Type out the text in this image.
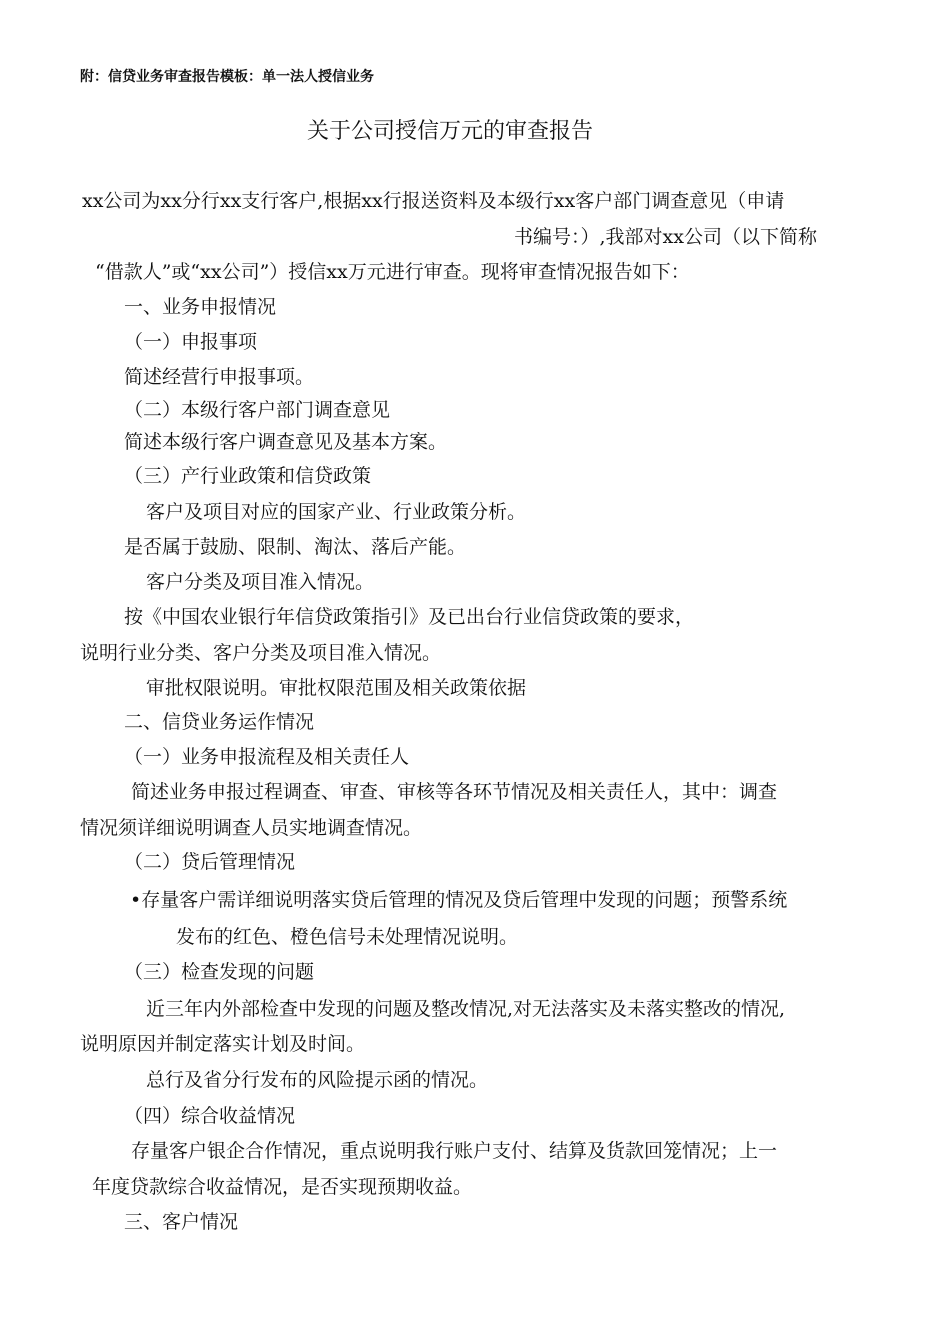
附：信贷业务审查报告模板：单一法人授信业务
关于公司授信万元的审查报告
xx公司为xx分行xx支行客户,根据xx行报送资料及本级行xx客户部门调查意见（申请
书编号：）,我部对xx公司（以下简称
“借款人”或“xx公司”）授信xx万元进行审查。现将审查情况报告如下：
一、业务申报情况
（一）申报事项
简述经营行申报事项。
（二）本级行客户部门调查意见
简述本级行客户调查意见及基本方案。
（三）产行业政策和信贷政策
客户及项目对应的国家产业、行业政策分析。
是否属于鼓励、限制、淘汰、落后产能。
客户分类及项目准入情况。
按《中国农业银行年信贷政策指引》及已出台行业信贷政策的要求，
说明行业分类、客户分类及项目准入情况。
审批权限说明。审批权限范围及相关政策依据
二、信贷业务运作情况
（一）业务申报流程及相关责任人
简述业务申报过程调查、审查、审核等各环节情况及相关责任人，其中：调查
情况须详细说明调查人员实地调查情况。
（二）贷后管理情况
•存量客户需详细说明落实贷后管理的情况及贷后管理中发现的问题；预警系统
发布的红色、橙色信号未处理情况说明。
（三）检查发现的问题
近三年内外部检查中发现的问题及整改情况,对无法落实及未落实整改的情况,
说明原因并制定落实计划及时间。
总行及省分行发布的风险提示函的情况。
（四）综合收益情况
存量客户银企合作情况，重点说明我行账户支付、结算及货款回笼情况；上一
年度贷款综合收益情况，是否实现预期收益。
三、客户情况
